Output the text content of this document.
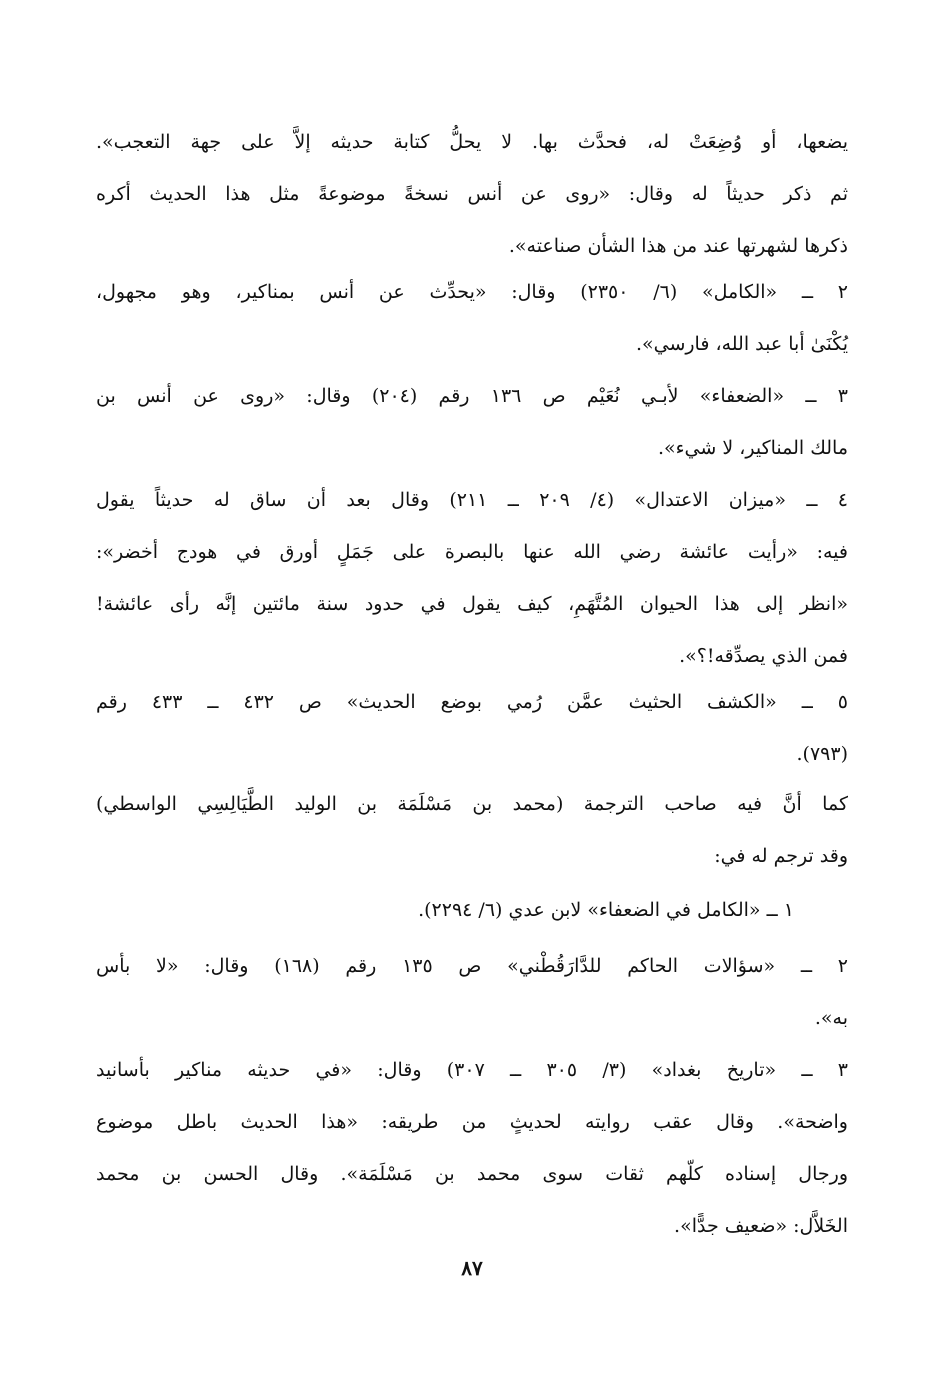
يضعها، أو وُضِعَتْ له، فحدَّث بها. لا يحلُّ كتابة حديثه إلاَّ على جهة التعجب».
ثم ذكر حديثاً له وقال: «روى عن أنس نسخةً موضوعةً مثل هذا الحديث أكره
ذكرها لشهرتها عند من هذا الشأن صناعته».
٢ ــ «الكامل» (٦/ ٢٣٥٠) وقال: «يحدِّث عن أنس بمناكير، وهو مجهول،
يُكْنَىٰ أبا عبد الله، فارسي».
٣ ــ «الضعفاء» لأبـي نُعَيْم ص ١٣٦ رقم (٢٠٤) وقال: «روى عن أنس بن
مالك المناكير، لا شيء».
٤ ــ «ميزان الاعتدال» (٤/ ٢٠٩ ــ ٢١١) وقال بعد أن ساق له حديثاً يقول
فيه: «رأيت عائشة رضي الله عنها بالبصرة على جَمَلٍ أورق في هودج أخضر»:
«انظر إلى هذا الحيوان المُتَّهَمِ، كيف يقول في حدود سنة مائتين إنَّه رأى عائشة!
فمن الذي يصدِّقه!؟».
٥ ــ «الكشف الحثيث عمَّن رُمي بوضع الحديث» ص ٤٣٢ ــ ٤٣٣ رقم
(٧٩٣).
كما أنَّ فيه صاحب الترجمة (محمد بن مَسْلَمَة بن الوليد الطَّيَالِسِي الواسطي)
وقد ترجم له في:
١ ــ «الكامل في الضعفاء» لابن عدي (٦/ ٢٢٩٤).
٢ ــ «سؤالات الحاكم للدَّارَقُطْني» ص ١٣٥ رقم (١٦٨) وقال: «لا بأس
به».
٣ ــ «تاريخ بغداد» (٣/ ٣٠٥ ــ ٣٠٧) وقال: «في حديثه مناكير بأسانيد
واضحة». وقال عقب روايته لحديثٍ من طريقه: «هذا الحديث باطل موضوع
ورجال إسناده كلّهم ثقات سوى محمد بن مَسْلَمَة». وقال الحسن بن محمد
الخَلاَّل: «ضعيف جدًّا».
٨٧
